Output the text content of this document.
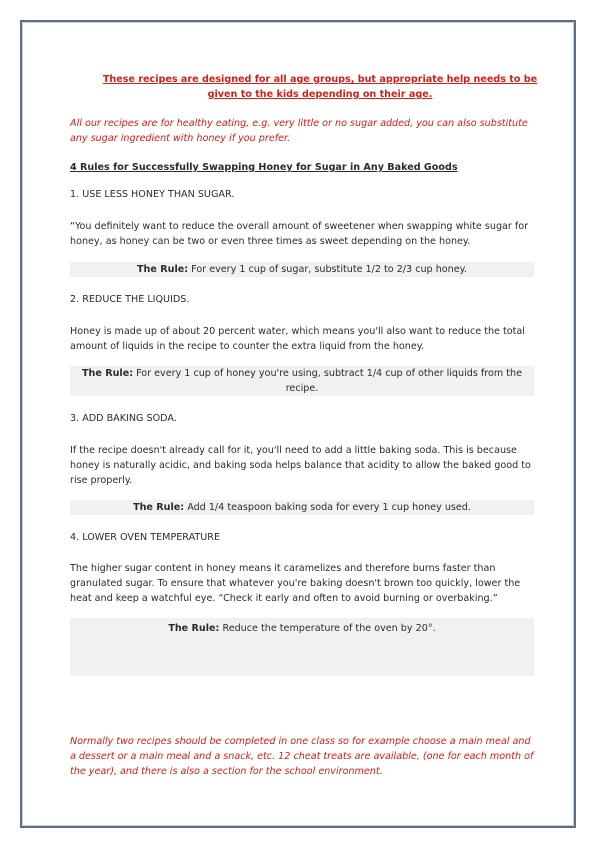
These recipes are designed for all age groups, but appropriate help needs to be given to the kids depending on their age.
All our recipes are for healthy eating, e.g. very little or no sugar added, you can also substitute any sugar ingredient with honey if you prefer.
4 Rules for Successfully Swapping Honey for Sugar in Any Baked Goods
1. USE LESS HONEY THAN SUGAR.
“You definitely want to reduce the overall amount of sweetener when swapping white sugar for honey, as honey can be two or even three times as sweet depending on the honey.
The Rule: For every 1 cup of sugar, substitute 1/2 to 2/3 cup honey.
2. REDUCE THE LIQUIDS.
Honey is made up of about 20 percent water, which means you'll also want to reduce the total amount of liquids in the recipe to counter the extra liquid from the honey.
The Rule: For every 1 cup of honey you're using, subtract 1/4 cup of other liquids from the recipe.
3. ADD BAKING SODA.
If the recipe doesn't already call for it, you'll need to add a little baking soda. This is because honey is naturally acidic, and baking soda helps balance that acidity to allow the baked good to rise properly.
The Rule: Add 1/4 teaspoon baking soda for every 1 cup honey used.
4. LOWER OVEN TEMPERATURE
The higher sugar content in honey means it caramelizes and therefore burns faster than granulated sugar. To ensure that whatever you're baking doesn't brown too quickly, lower the heat and keep a watchful eye. “Check it early and often to avoid burning or overbaking.”
The Rule: Reduce the temperature of the oven by 20°.
Normally two recipes should be completed in one class so for example choose a main meal and a dessert or a main meal and a snack, etc. 12 cheat treats are available, (one for each month of the year), and there is also a section for the school environment.
